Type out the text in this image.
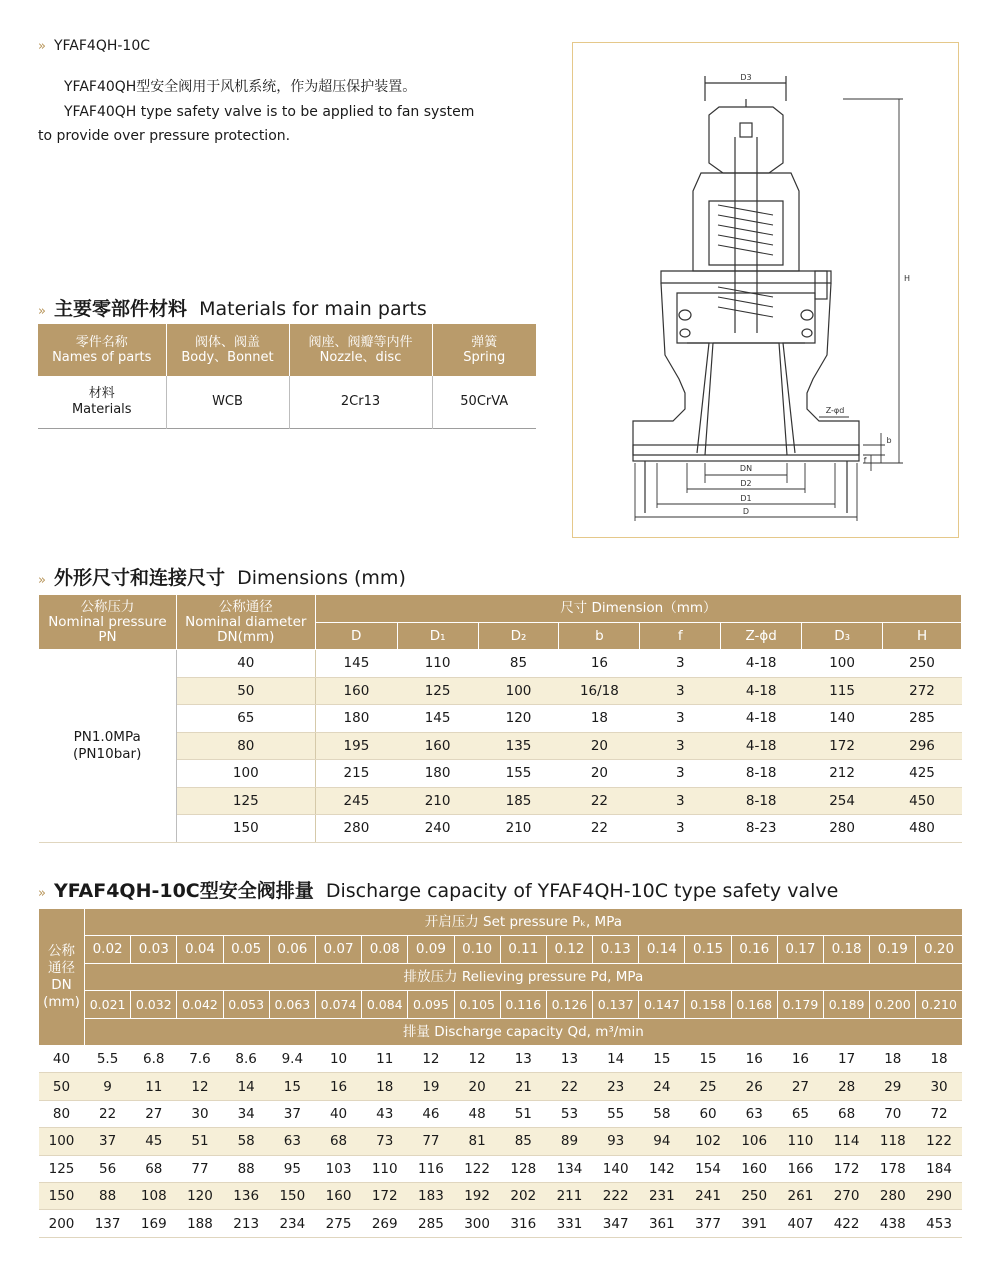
» YFAF4QH-10C

YFAF40QH型安全阀用于风机系统，作为超压保护装置。

YFAF40QH type safety valve is to be applied to fan system

to provide over pressure protection.

D3
H
DN
D2
D1
D
Z-φd
b
f
» 主要零部件材料 Materials for main parts
零件名称
Names of parts	阀体、阀盖
Body、Bonnet	阀座、阀瓣等内件
Nozzle、disc	弹簧
Spring
材料
Materials	WCB	2Cr13	50CrVA
» 外形尺寸和连接尺寸 Dimensions (mm)
公称压力
Nominal pressure
PN	公称通径
Nominal diameter
DN(mm)	尺寸 Dimension（mm）							
		D	D₁	D₂	b	f	Z-ϕd	D₃	H
PN1.0MPa
(PN10bar)	40	145	110	85	16	3	4-18	100	250
	50	160	125	100	16/18	3	4-18	115	272
	65	180	145	120	18	3	4-18	140	285
	80	195	160	135	20	3	4-18	172	296
	100	215	180	155	20	3	8-18	212	425
	125	245	210	185	22	3	8-18	254	450
	150	280	240	210	22	3	8-23	280	480
» YFAF4QH-10C型安全阀排量 Discharge capacity of YFAF4QH-10C type safety valve
公称
通径
DN
(mm)	开启压力 Set pressure Pₖ, MPa																		
	0.02	0.03	0.04	0.05	0.06	0.07	0.08	0.09	0.10	0.11	0.12	0.13	0.14	0.15	0.16	0.17	0.18	0.19	0.20
	排放压力 Relieving pressure Pd, MPa																		
	0.021	0.032	0.042	0.053	0.063	0.074	0.084	0.095	0.105	0.116	0.126	0.137	0.147	0.158	0.168	0.179	0.189	0.200	0.210
	排量 Discharge capacity Qd, m³/min																		
40	5.5	6.8	7.6	8.6	9.4	10	11	12	12	13	13	14	15	15	16	16	17	18	18
50	9	11	12	14	15	16	18	19	20	21	22	23	24	25	26	27	28	29	30
80	22	27	30	34	37	40	43	46	48	51	53	55	58	60	63	65	68	70	72
100	37	45	51	58	63	68	73	77	81	85	89	93	94	102	106	110	114	118	122
125	56	68	77	88	95	103	110	116	122	128	134	140	142	154	160	166	172	178	184
150	88	108	120	136	150	160	172	183	192	202	211	222	231	241	250	261	270	280	290
200	137	169	188	213	234	275	269	285	300	316	331	347	361	377	391	407	422	438	453
